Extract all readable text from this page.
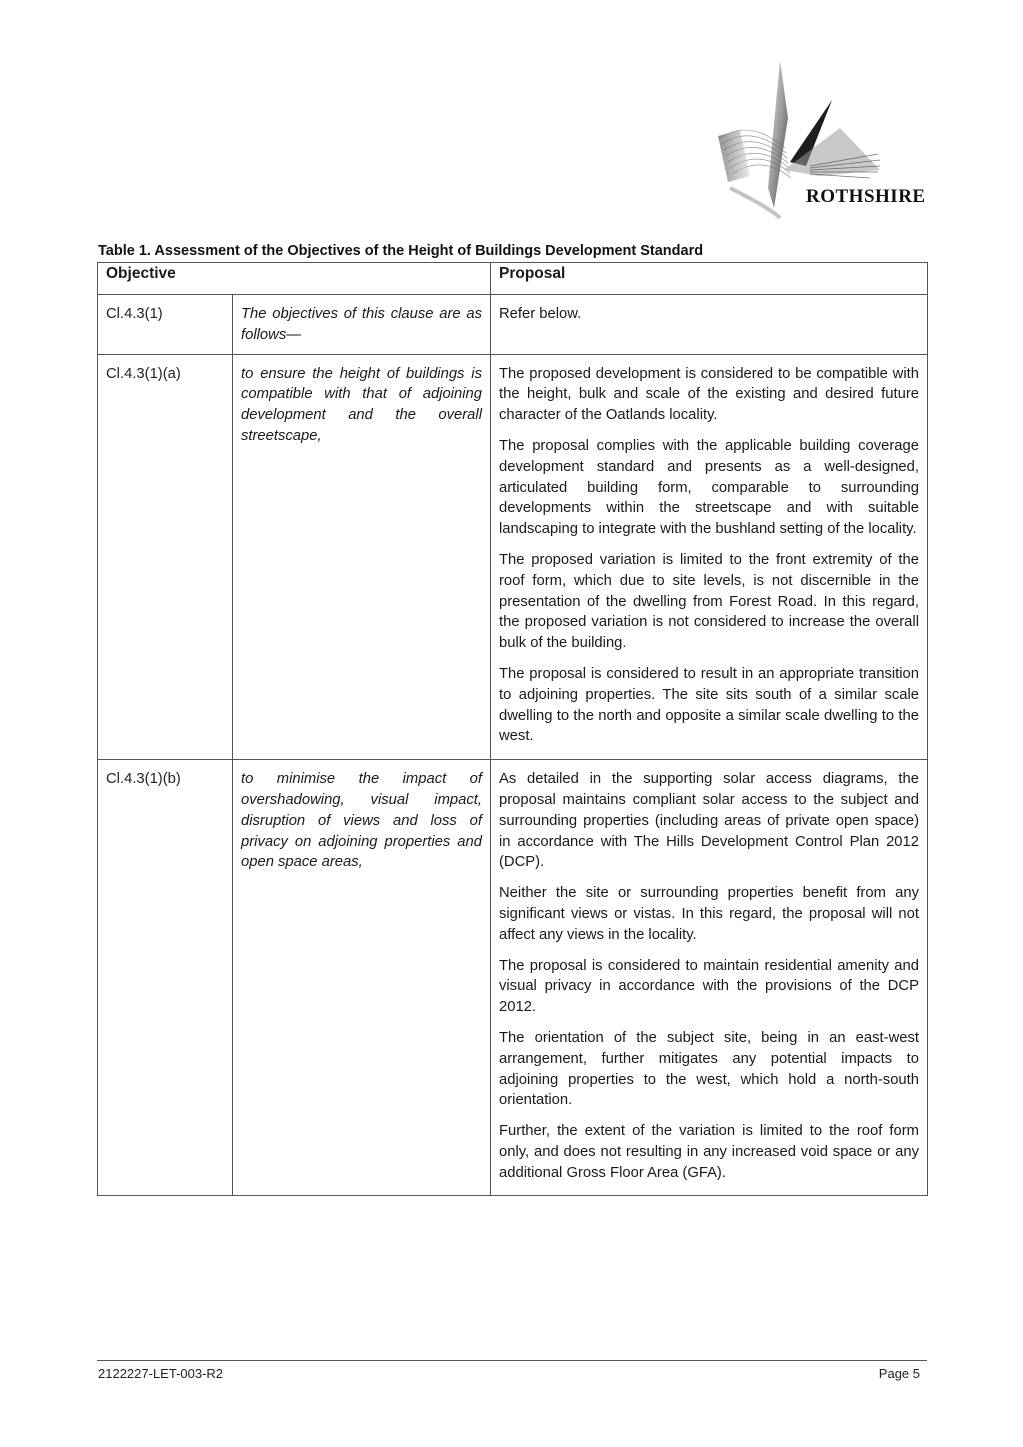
ROTHSHIRE
Table 1. Assessment of the Objectives of the Height of Buildings Development Standard
Objective		Proposal
Cl.4.3(1)	The objectives of this clause are as follows—	Refer below.

Cl.4.3(1)(a)	to ensure the height of buildings is compatible with that of adjoining development and the overall streetscape,	The proposed development is considered to be compatible with the height, bulk and scale of the existing and desired future character of the Oatlands locality.

The proposal complies with the applicable building coverage development standard and presents as a well-designed, articulated building form, comparable to surrounding developments within the streetscape and with suitable landscaping to integrate with the bushland setting of the locality.

The proposed variation is limited to the front extremity of the roof form, which due to site levels, is not discernible in the presentation of the dwelling from Forest Road. In this regard, the proposed variation is not considered to increase the overall bulk of the building.

The proposal is considered to result in an appropriate transition to adjoining properties. The site sits south of a similar scale dwelling to the north and opposite a similar scale dwelling to the west.

Cl.4.3(1)(b)	to minimise the impact of overshadowing, visual impact, disruption of views and loss of privacy on adjoining properties and open space areas,	As detailed in the supporting solar access diagrams, the proposal maintains compliant solar access to the subject and surrounding properties (including areas of private open space) in accordance with The Hills Development Control Plan 2012 (DCP).

Neither the site or surrounding properties benefit from any significant views or vistas. In this regard, the proposal will not affect any views in the locality.

The proposal is considered to maintain residential amenity and visual privacy in accordance with the provisions of the DCP 2012.

The orientation of the subject site, being in an east-west arrangement, further mitigates any potential impacts to adjoining properties to the west, which hold a north-south orientation.

Further, the extent of the variation is limited to the roof form only, and does not resulting in any increased void space or any additional Gross Floor Area (GFA).

2122227-LET-003-R2	Page 5
